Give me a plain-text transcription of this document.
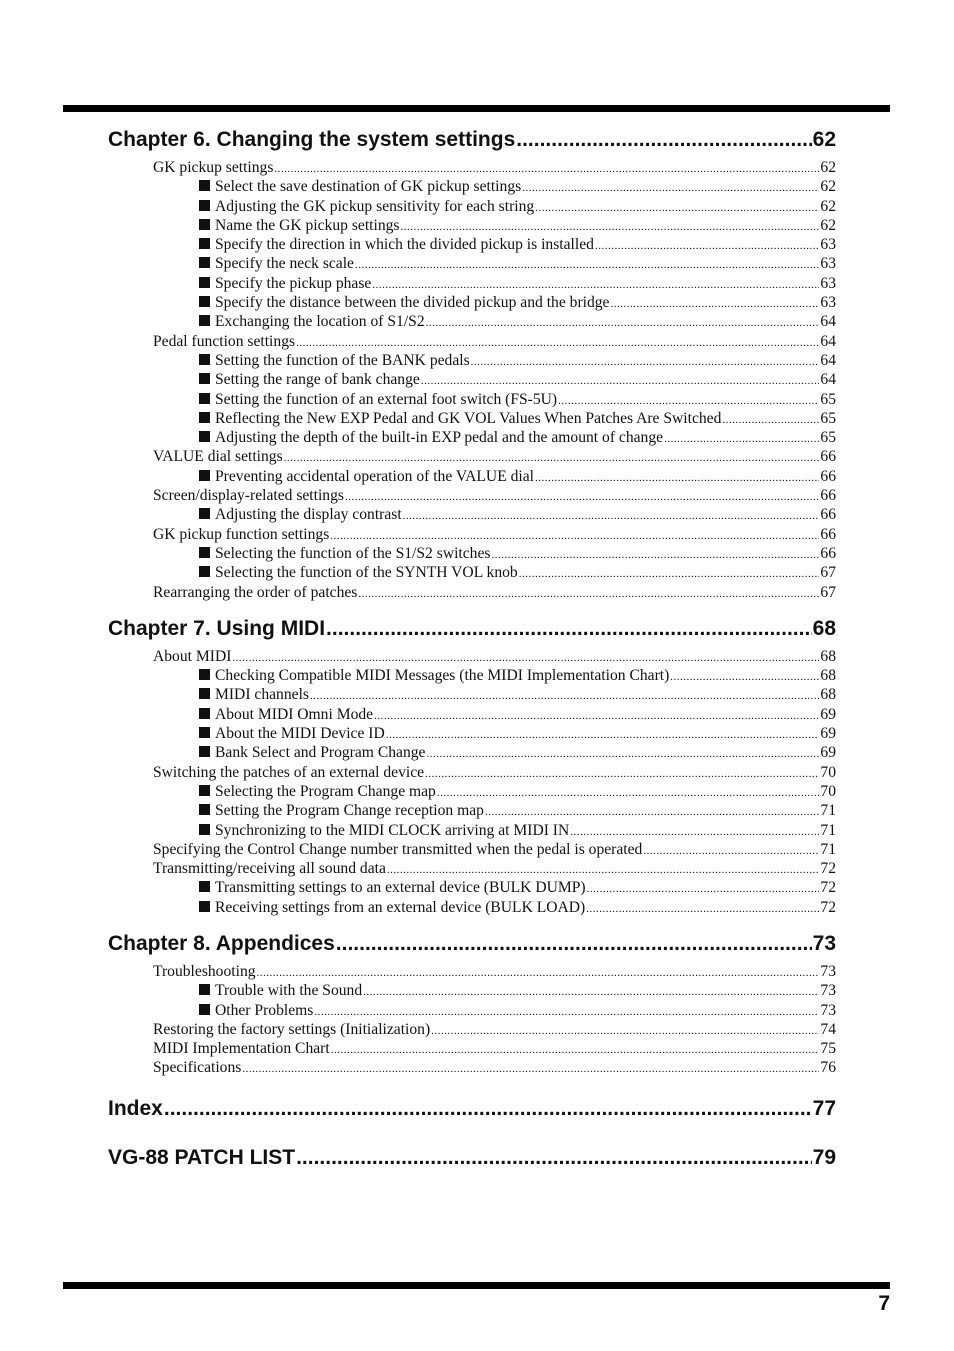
Chapter 6. Changing the system settings .....	62
GK pickup settings .....	62
Select the save destination of GK pickup settings .....	62
Adjusting the GK pickup sensitivity for each string .....	62
Name the GK pickup settings .....	62
Specify the direction in which the divided pickup is installed .....	63
Specify the neck scale .....	63
Specify the pickup phase .....	63
Specify the distance between the divided pickup and the bridge .....	63
Exchanging the location of S1/S2 .....	64
Pedal function settings .....	64
Setting the function of the BANK pedals .....	64
Setting the range of bank change .....	64
Setting the function of an external foot switch (FS-5U) .....	65
Reflecting the New EXP Pedal and GK VOL Values When Patches Are Switched .....	65
Adjusting the depth of the built-in EXP pedal and the amount of change .....	65
VALUE dial settings .....	66
Preventing accidental operation of the VALUE dial .....	66
Screen/display-related settings .....	66
Adjusting the display contrast .....	66
GK pickup function settings .....	66
Selecting the function of the S1/S2 switches .....	66
Selecting the function of the SYNTH VOL knob .....	67
Rearranging the order of patches .....	67
Chapter 7. Using MIDI .....	68
About MIDI .....	68
Checking Compatible MIDI Messages (the MIDI Implementation Chart) .....	68
MIDI channels .....	68
About MIDI Omni Mode .....	69
About the MIDI Device ID .....	69
Bank Select and Program Change .....	69
Switching the patches of an external device .....	70
Selecting the Program Change map .....	70
Setting the Program Change reception map .....	71
Synchronizing to the MIDI CLOCK arriving at MIDI IN .....	71
Specifying the Control Change number transmitted when the pedal is operated .....	71
Transmitting/receiving all sound data .....	72
Transmitting settings to an external device (BULK DUMP) .....	72
Receiving settings from an external device (BULK LOAD) .....	72
Chapter 8. Appendices .....	73
Troubleshooting .....	73
Trouble with the Sound .....	73
Other Problems .....	73
Restoring the factory settings (Initialization) .....	74
MIDI Implementation Chart .....	75
Specifications .....	76
Index .....	77
VG-88 PATCH LIST .....	79
7
